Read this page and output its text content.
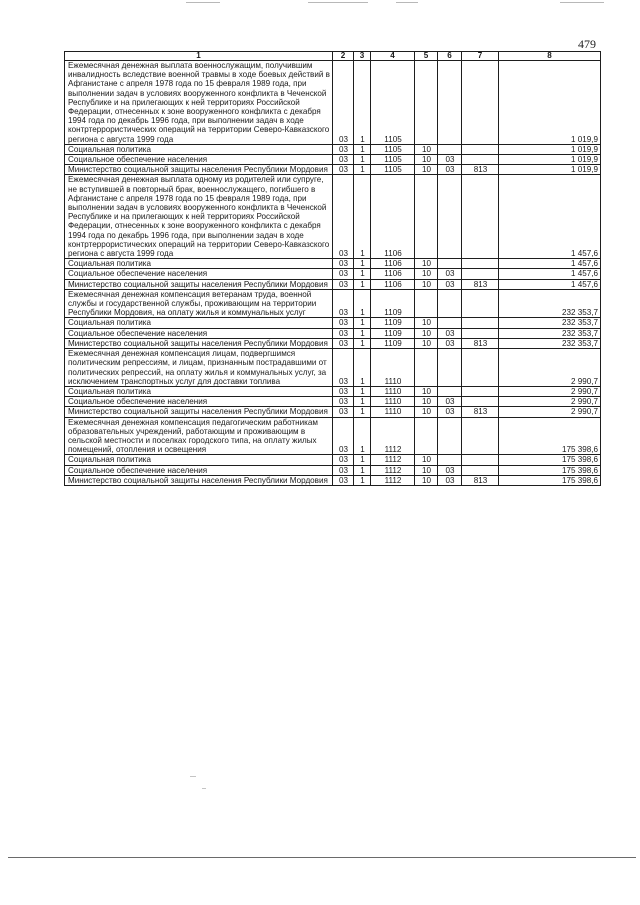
479
1	2	3	4	5	6	7	8
Ежемесячная денежная выплата военнослужащим, получившим инвалидность вследствие военной травмы в ходе боевых действий в Афганистане с апреля 1978 года по 15 февраля 1989 года, при выполнении задач в условиях вооруженного конфликта в Чеченской Республике и на прилегающих к ней территориях Российской Федерации, отнесенных к зоне вооруженного конфликта с декабря 1994 года по декабрь 1996 года, при выполнении задач в ходе контртеррористических операций на территории Северо-Кавказского региона с августа 1999 года	03	1	1105				1 019,9
Социальная политика	03	1	1105	10			1 019,9
Социальное обеспечение населения	03	1	1105	10	03		1 019,9
Министерство социальной защиты населения Республики Мордовия	03	1	1105	10	03	813	1 019,9
Ежемесячная денежная выплата одному из родителей или супруге, не вступившей в повторный брак, военнослужащего, погибшего в Афганистане с апреля 1978 года по 15 февраля 1989 года, при выполнении задач в условиях вооруженного конфликта в Чеченской Республике и на прилегающих к ней территориях Российской Федерации, отнесенных к зоне вооруженного конфликта с декабря 1994 года по декабрь 1996 года, при выполнении задач в ходе контртеррористических операций на территории Северо-Кавказского региона с августа 1999 года	03	1	1106				1 457,6
Социальная политика	03	1	1106	10			1 457,6
Социальное обеспечение населения	03	1	1106	10	03		1 457,6
Министерство социальной защиты населения Республики Мордовия	03	1	1106	10	03	813	1 457,6
Ежемесячная денежная компенсация ветеранам труда, военной службы и государственной службы, проживающим на территории Республики Мордовия, на оплату жилья и коммунальных услуг	03	1	1109				232 353,7
Социальная политика	03	1	1109	10			232 353,7
Социальное обеспечение населения	03	1	1109	10	03		232 353,7
Министерство социальной защиты населения Республики Мордовия	03	1	1109	10	03	813	232 353,7
Ежемесячная денежная компенсация лицам, подвергшимся политическим репрессиям, и лицам, признанным пострадавшими от политических репрессий, на оплату жилья и коммунальных услуг, за исключением транспортных услуг для доставки топлива	03	1	1110				2 990,7
Социальная политика	03	1	1110	10			2 990,7
Социальное обеспечение населения	03	1	1110	10	03		2 990,7
Министерство социальной защиты населения Республики Мордовия	03	1	1110	10	03	813	2 990,7
Ежемесячная денежная компенсация педагогическим работникам образовательных учреждений, работающим и проживающим в сельской местности и поселках городского типа, на оплату жилых помещений, отопления и освещения	03	1	1112				175 398,6
Социальная политика	03	1	1112	10			175 398,6
Социальное обеспечение населения	03	1	1112	10	03		175 398,6
Министерство социальной защиты населения Республики Мордовия	03	1	1112	10	03	813	175 398,6
